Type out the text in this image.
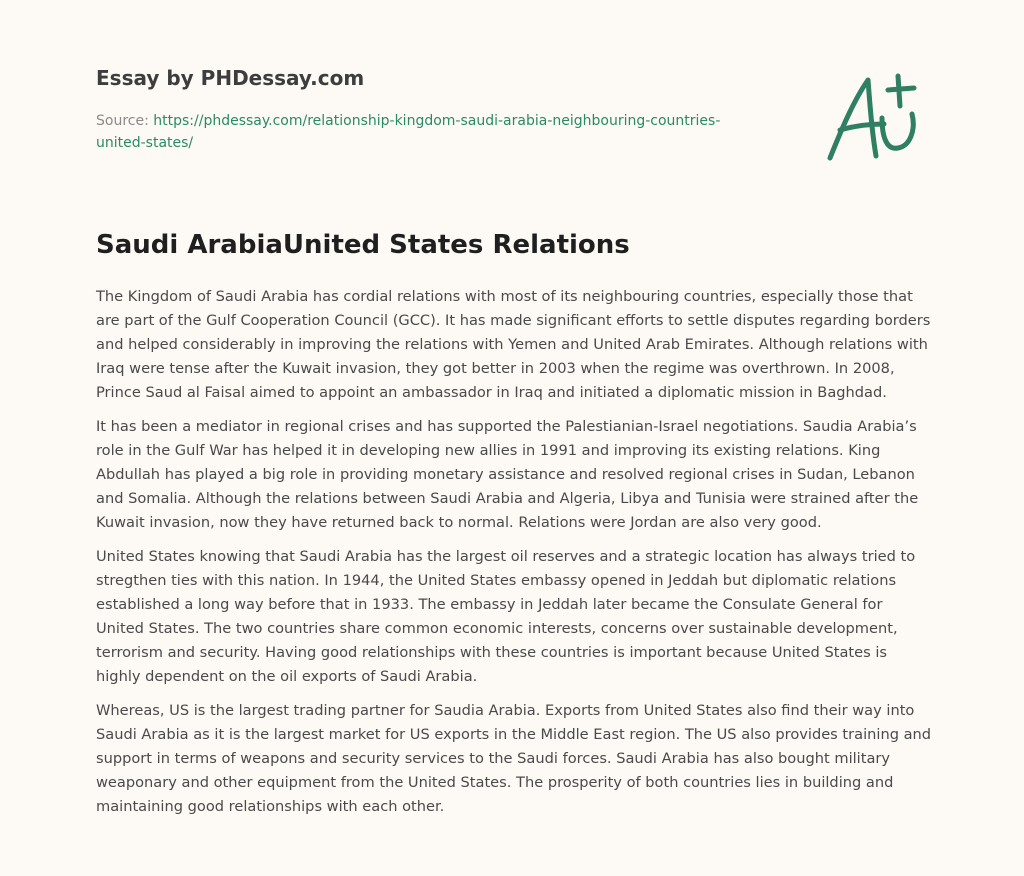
Essay by PHDessay.com
Source: https://phdessay.com/relationship-kingdom-saudi-arabia-neighbouring-countries-united-states/
Saudi ArabiaUnited States Relations

The Kingdom of Saudi Arabia has cordial relations with most of its neighbouring countries, especially those that are part of the Gulf Cooperation Council (GCC). It has made significant efforts to settle disputes regarding borders and helped considerably in improving the relations with Yemen and United Arab Emirates. Although relations with Iraq were tense after the Kuwait invasion, they got better in 2003 when the regime was overthrown. In 2008, Prince Saud al Faisal aimed to appoint an ambassador in Iraq and initiated a diplomatic mission in Baghdad.

It has been a mediator in regional crises and has supported the Palestianian-Israel negotiations. Saudia Arabia’s role in the Gulf War has helped it in developing new allies in 1991 and improving its existing relations. King Abdullah has played a big role in providing monetary assistance and resolved regional crises in Sudan, Lebanon and Somalia. Although the relations between Saudi Arabia and Algeria, Libya and Tunisia were strained after the Kuwait invasion, now they have returned back to normal. Relations were Jordan are also very good.

United States knowing that Saudi Arabia has the largest oil reserves and a strategic location has always tried to stregthen ties with this nation. In 1944, the United States embassy opened in Jeddah but diplomatic relations established a long way before that in 1933. The embassy in Jeddah later became the Consulate General for United States. The two countries share common economic interests, concerns over sustainable development, terrorism and security. Having good relationships with these countries is important because United States is highly dependent on the oil exports of Saudi Arabia.

Whereas, US is the largest trading partner for Saudia Arabia. Exports from United States also find their way into Saudi Arabia as it is the largest market for US exports in the Middle East region. The US also provides training and support in terms of weapons and security services to the Saudi forces. Saudi Arabia has also bought military weaponary and other equipment from the United States. The prosperity of both countries lies in building and maintaining good relationships with each other.
